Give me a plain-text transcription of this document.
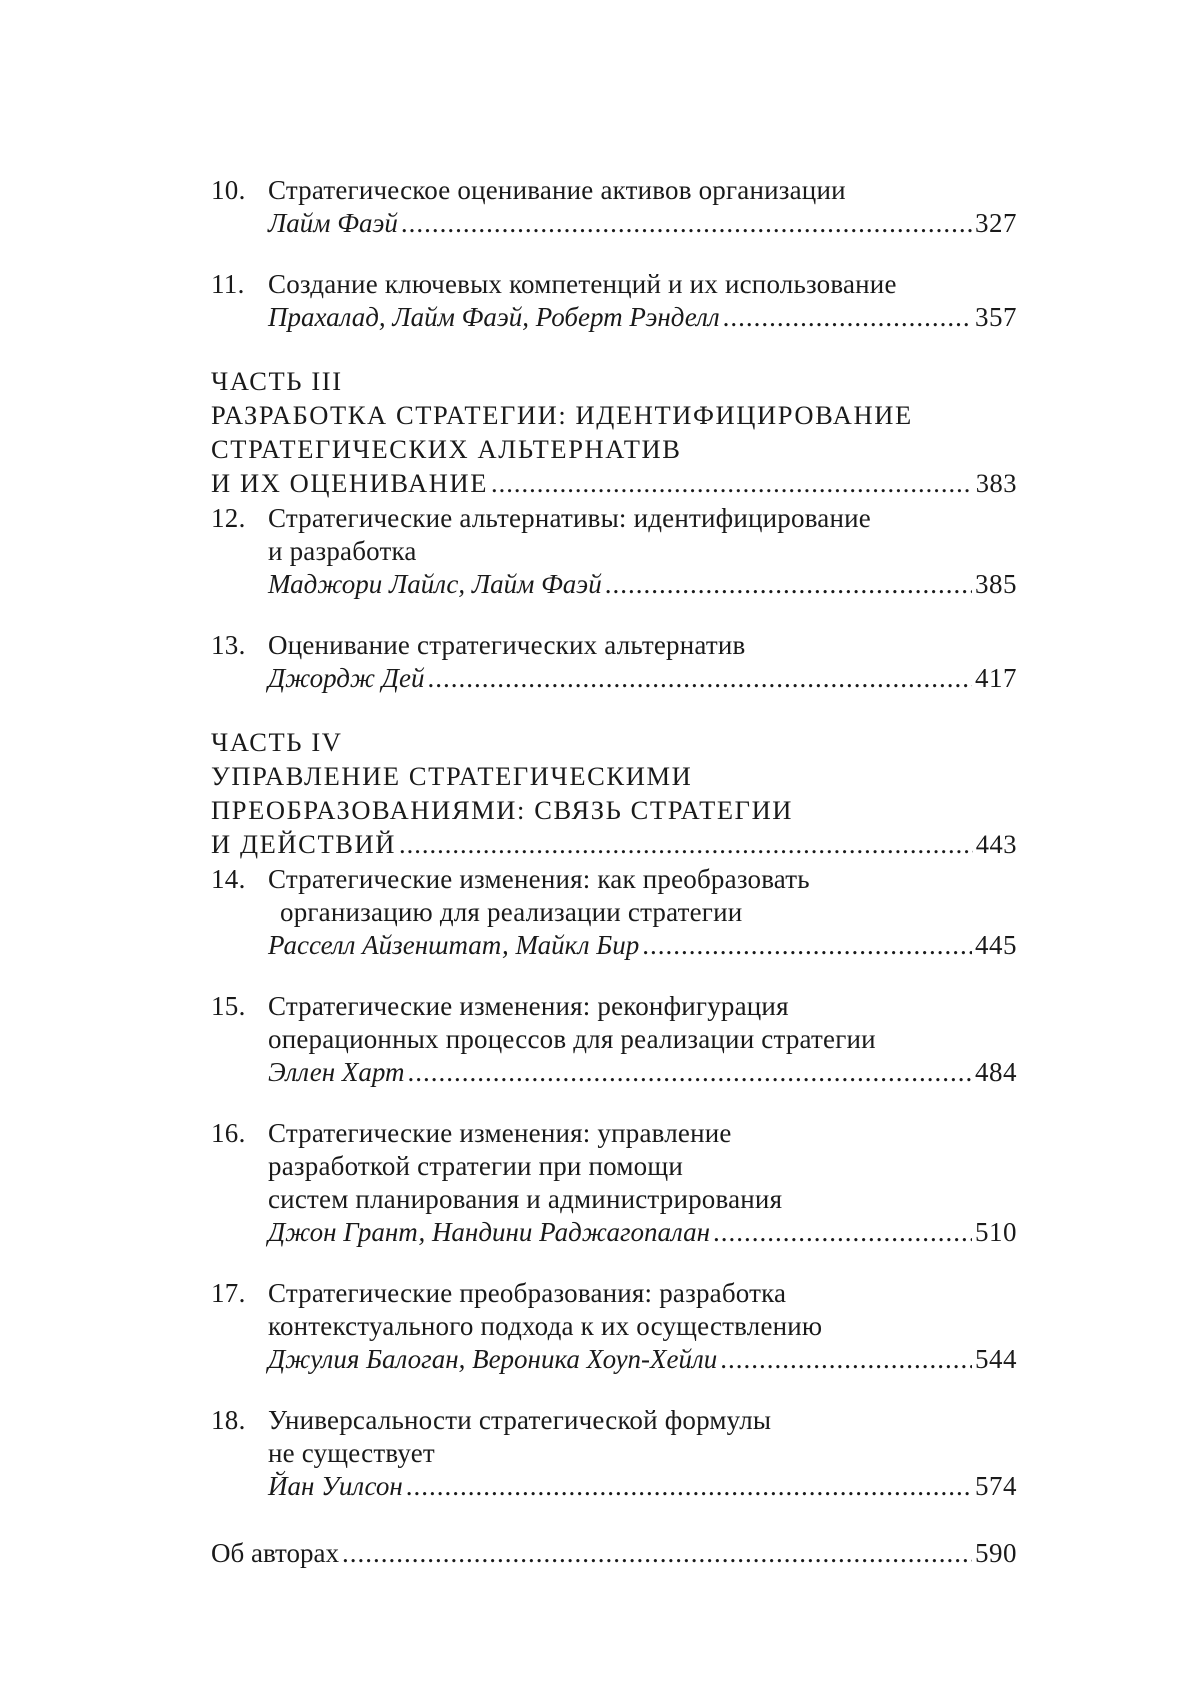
10. Стратегическое оценивание активов организации
Лайм Фаэй .....	327
11. Создание ключевых компетенций и их использование
Прахалад, Лайм Фаэй, Роберт Рэнделл .....	357
ЧАСТЬ III
РАЗРАБОТКА СТРАТЕГИИ: ИДЕНТИФИЦИРОВАНИЕ
СТРАТЕГИЧЕСКИХ АЛЬТЕРНАТИВ
И ИХ ОЦЕНИВАНИЕ .....	383
12. Стратегические альтернативы: идентифицирование
и разработка
Маджори Лайлс, Лайм Фаэй .....	385
13. Оценивание стратегических альтернатив
Джордж Дей .....	417
ЧАСТЬ IV
УПРАВЛЕНИЕ СТРАТЕГИЧЕСКИМИ
ПРЕОБРАЗОВАНИЯМИ: СВЯЗЬ СТРАТЕГИИ
И ДЕЙСТВИЙ .....	443
14. Стратегические изменения: как преобразовать
организацию для реализации стратегии
Расселл Айзенштат, Майкл Бир .....	445
15. Стратегические изменения: реконфигурация
операционных процессов для реализации стратегии
Эллен Харт .....	484
16. Стратегические изменения: управление
разработкой стратегии при помощи
систем планирования и администрирования
Джон Грант, Нандини Раджагопалан .....	510
17. Стратегические преобразования: разработка
контекстуального подхода к их осуществлению
Джулия Балоган, Вероника Хоуп-Хейли .....	544
18. Универсальности стратегической формулы
не существует
Йан Уилсон .....	574
Об авторах .....	590
